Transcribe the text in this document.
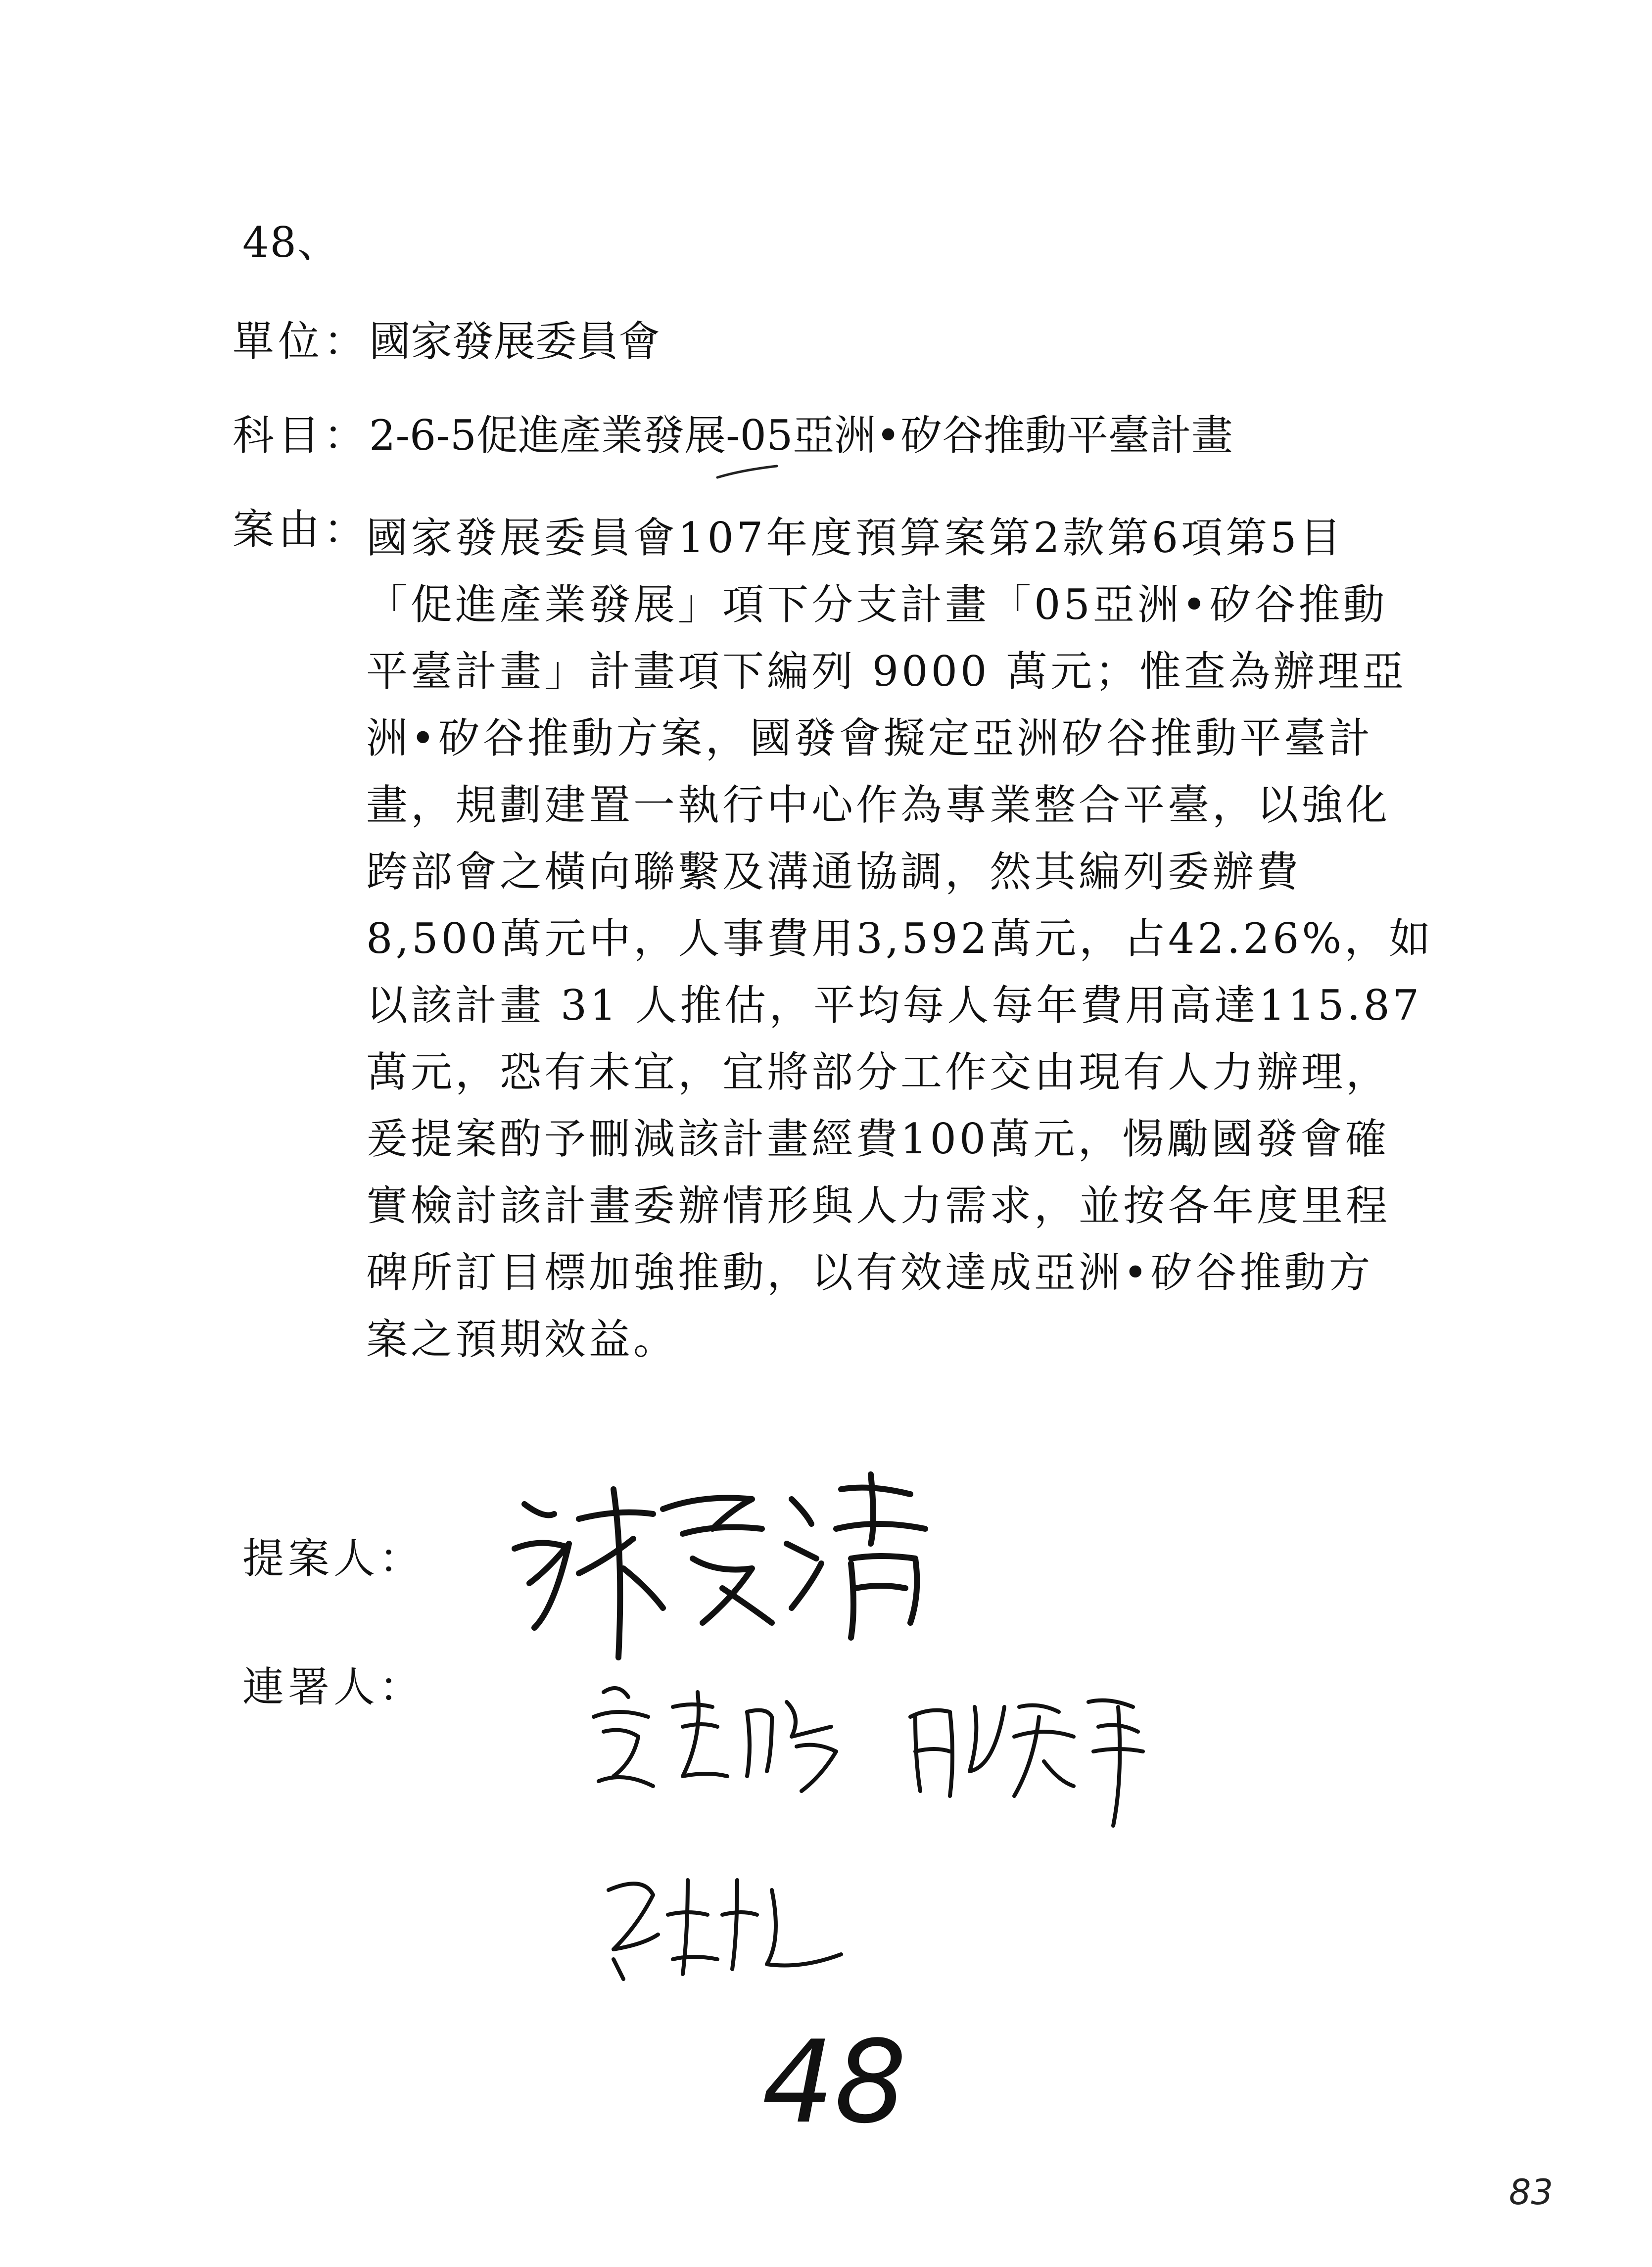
48、
單位：國家發展委員會
科目：2-6-5促進產業發展-05亞洲•矽谷推動平臺計畫
案由：
國家發展委員會107年度預算案第2款第6項第5目
「促進產業發展」項下分支計畫「05亞洲•矽谷推動
平臺計畫」計畫項下編列 9000 萬元；惟查為辦理亞
洲•矽谷推動方案，國發會擬定亞洲矽谷推動平臺計
畫，規劃建置一執行中心作為專業整合平臺，以強化
跨部會之橫向聯繫及溝通協調，然其編列委辦費
8,500萬元中，人事費用3,592萬元，占42.26%，如
以該計畫 31 人推估，平均每人每年費用高達115.87
萬元，恐有未宜，宜將部分工作交由現有人力辦理，
爰提案酌予刪減該計畫經費100萬元，惕勵國發會確
實檢討該計畫委辦情形與人力需求，並按各年度里程
碑所訂目標加強推動，以有效達成亞洲•矽谷推動方
案之預期效益。
提案人：
連署人：
48
83
